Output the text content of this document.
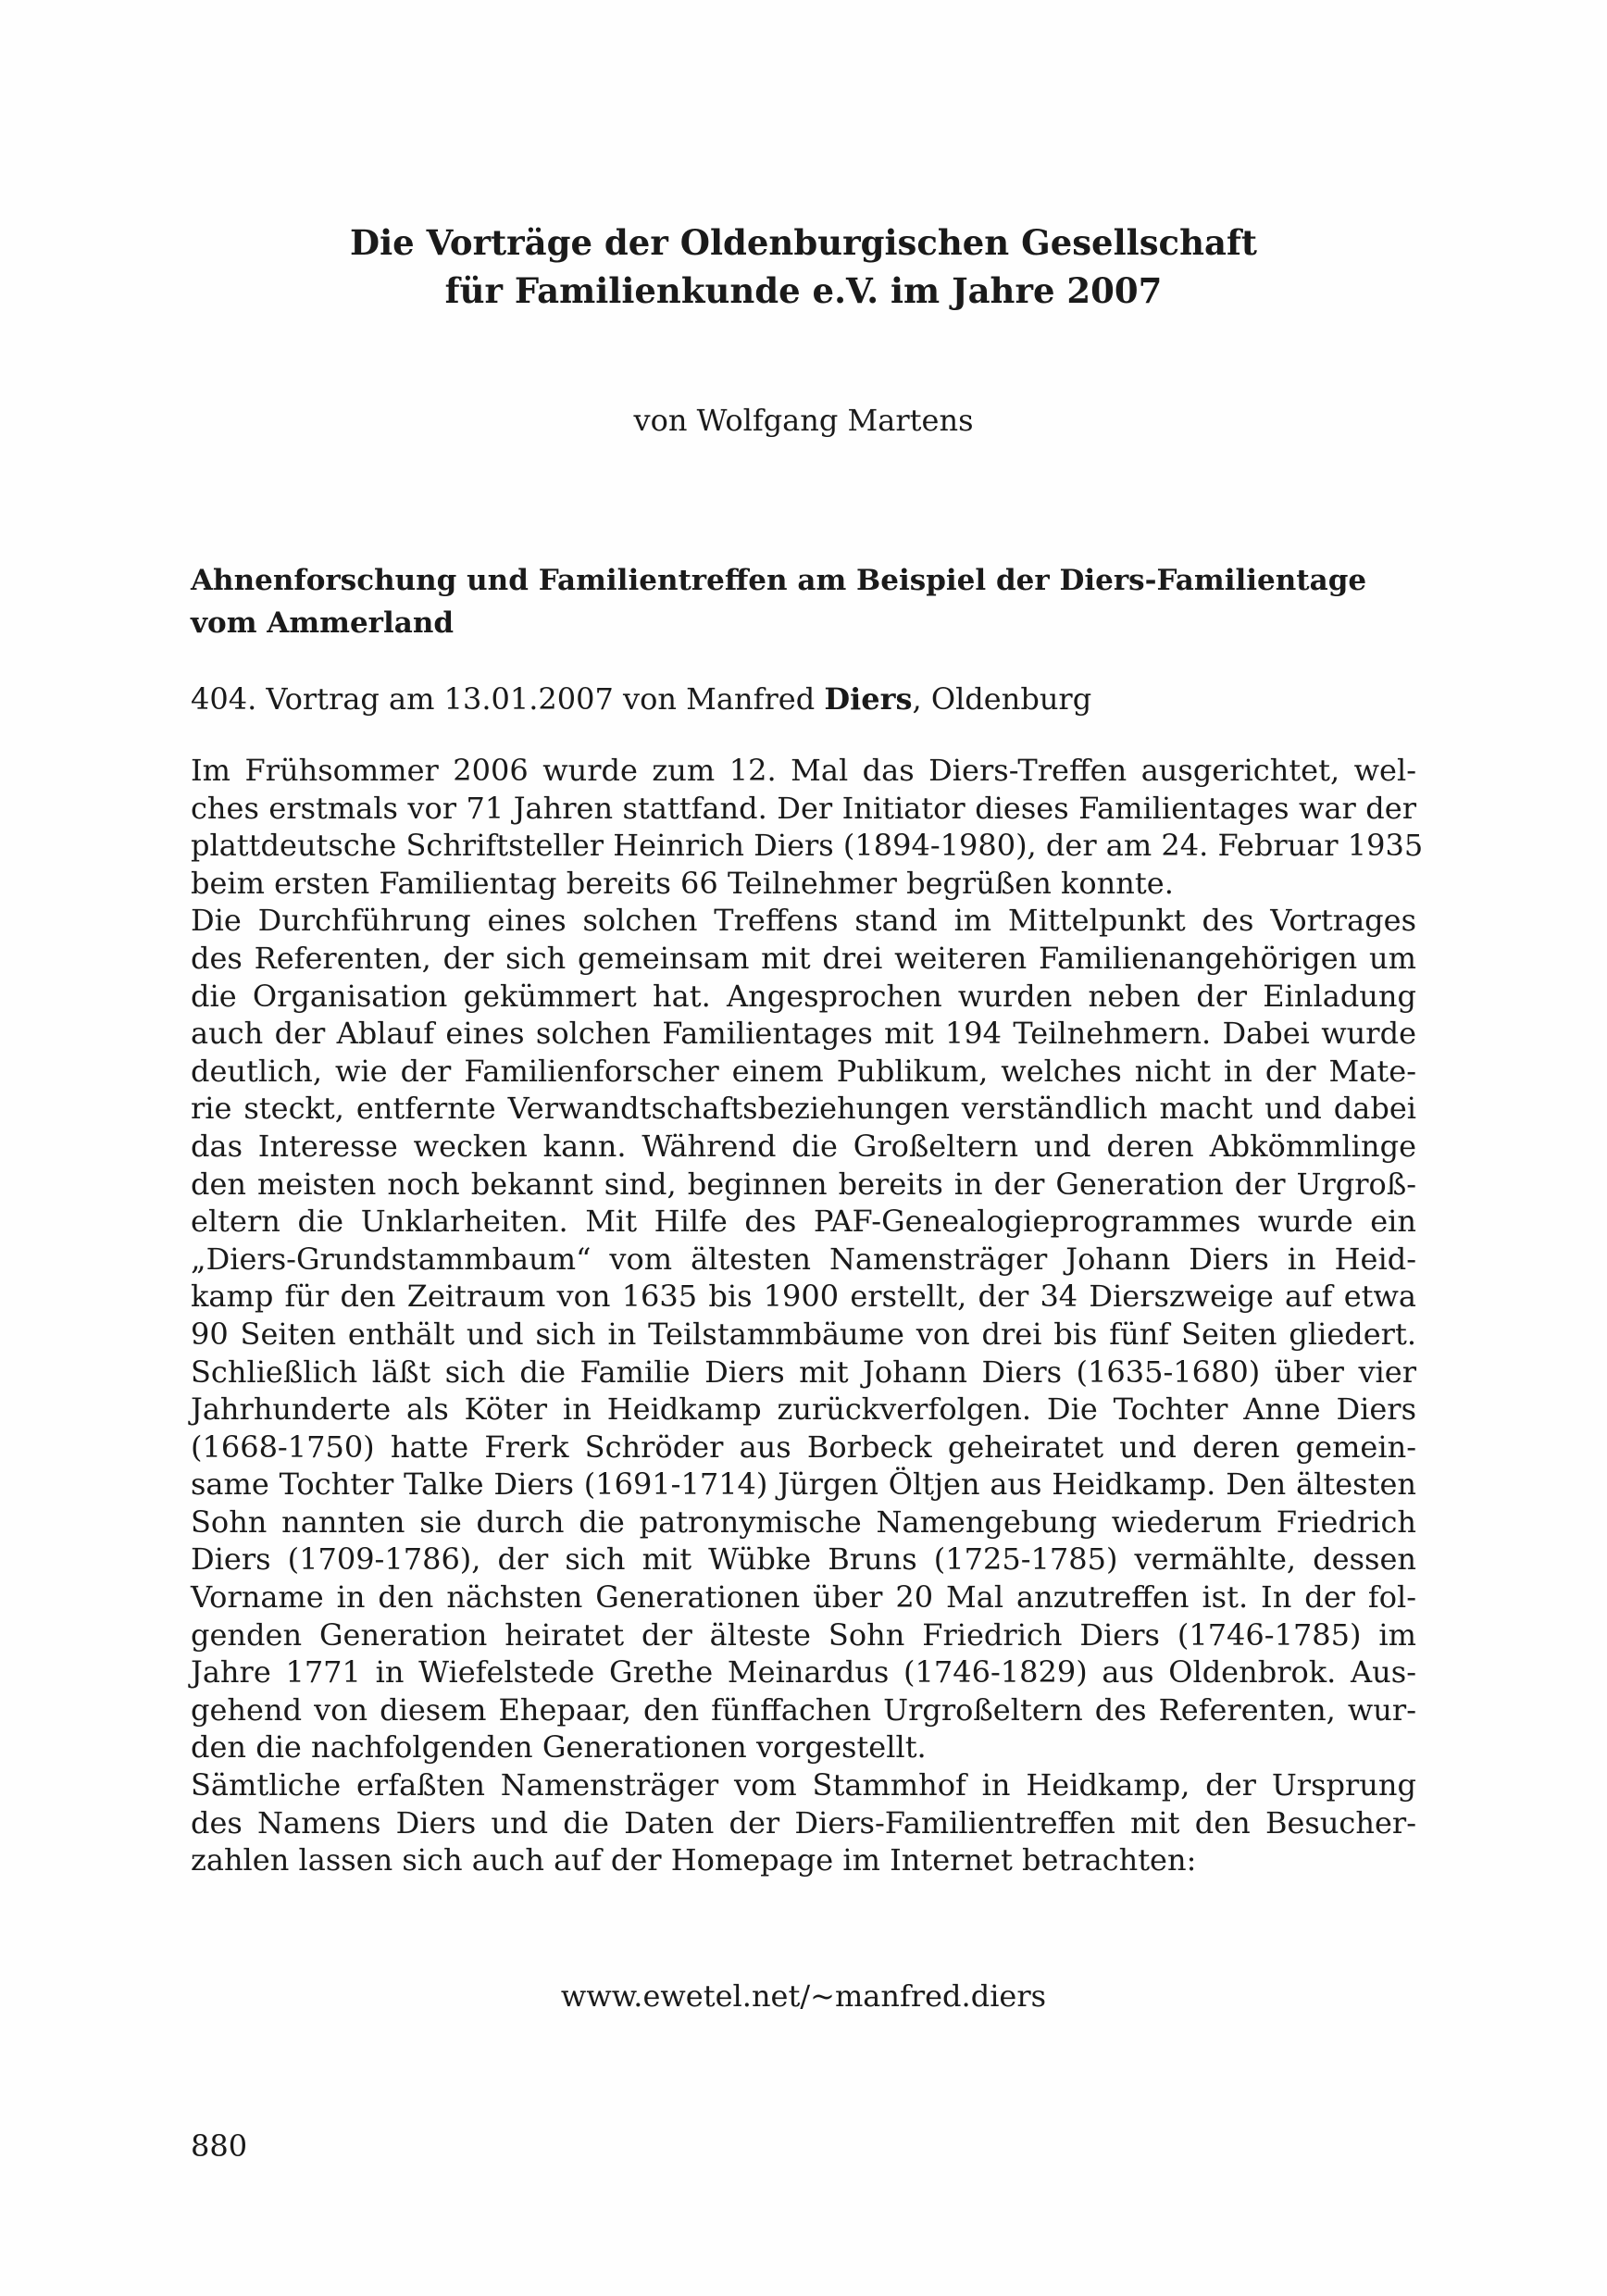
Die Vorträge der Oldenburgischen Gesellschaft
für Familienkunde e.V. im Jahre 2007

von Wolfgang Martens

Ahnenforschung und Familientreffen am Beispiel der Diers-Familientage
vom Ammerland

404. Vortrag am 13.01.2007 von Manfred Diers, Oldenburg

Im Frühsommer 2006 wurde zum 12. Mal das Diers-Treffen ausgerichtet, wel-
ches erstmals vor 71 Jahren stattfand. Der Initiator dieses Familientages war der
plattdeutsche Schriftsteller Heinrich Diers (1894-1980), der am 24. Februar 1935
beim ersten Familientag bereits 66 Teilnehmer begrüßen konnte.
Die Durchführung eines solchen Treffens stand im Mittelpunkt des Vortrages
des Referenten, der sich gemeinsam mit drei weiteren Familienangehörigen um
die Organisation gekümmert hat. Angesprochen wurden neben der Einladung
auch der Ablauf eines solchen Familientages mit 194 Teilnehmern. Dabei wurde
deutlich, wie der Familienforscher einem Publikum, welches nicht in der Mate-
rie steckt, entfernte Verwandtschaftsbeziehungen verständlich macht und dabei
das Interesse wecken kann. Während die Großeltern und deren Abkömmlinge
den meisten noch bekannt sind, beginnen bereits in der Generation der Urgroß-
eltern die Unklarheiten. Mit Hilfe des PAF-Genealogieprogrammes wurde ein
„Diers-Grundstammbaum“ vom ältesten Namensträger Johann Diers in Heid-
kamp für den Zeitraum von 1635 bis 1900 erstellt, der 34 Dierszweige auf etwa
90 Seiten enthält und sich in Teilstammbäume von drei bis fünf Seiten gliedert.
Schließlich läßt sich die Familie Diers mit Johann Diers (1635-1680) über vier
Jahrhunderte als Köter in Heidkamp zurückverfolgen. Die Tochter Anne Diers
(1668-1750) hatte Frerk Schröder aus Borbeck geheiratet und deren gemein-
same Tochter Talke Diers (1691-1714) Jürgen Öltjen aus Heidkamp. Den ältesten
Sohn nannten sie durch die patronymische Namengebung wiederum Friedrich
Diers (1709-1786), der sich mit Wübke Bruns (1725-1785) vermählte, dessen
Vorname in den nächsten Generationen über 20 Mal anzutreffen ist. In der fol-
genden Generation heiratet der älteste Sohn Friedrich Diers (1746-1785) im
Jahre 1771 in Wiefelstede Grethe Meinardus (1746-1829) aus Oldenbrok. Aus-
gehend von diesem Ehepaar, den fünffachen Urgroßeltern des Referenten, wur-
den die nachfolgenden Generationen vorgestellt.
Sämtliche erfaßten Namensträger vom Stammhof in Heidkamp, der Ursprung
des Namens Diers und die Daten der Diers-Familientreffen mit den Besucher-
zahlen lassen sich auch auf der Homepage im Internet betrachten:

www.ewetel.net/~manfred.diers

880
